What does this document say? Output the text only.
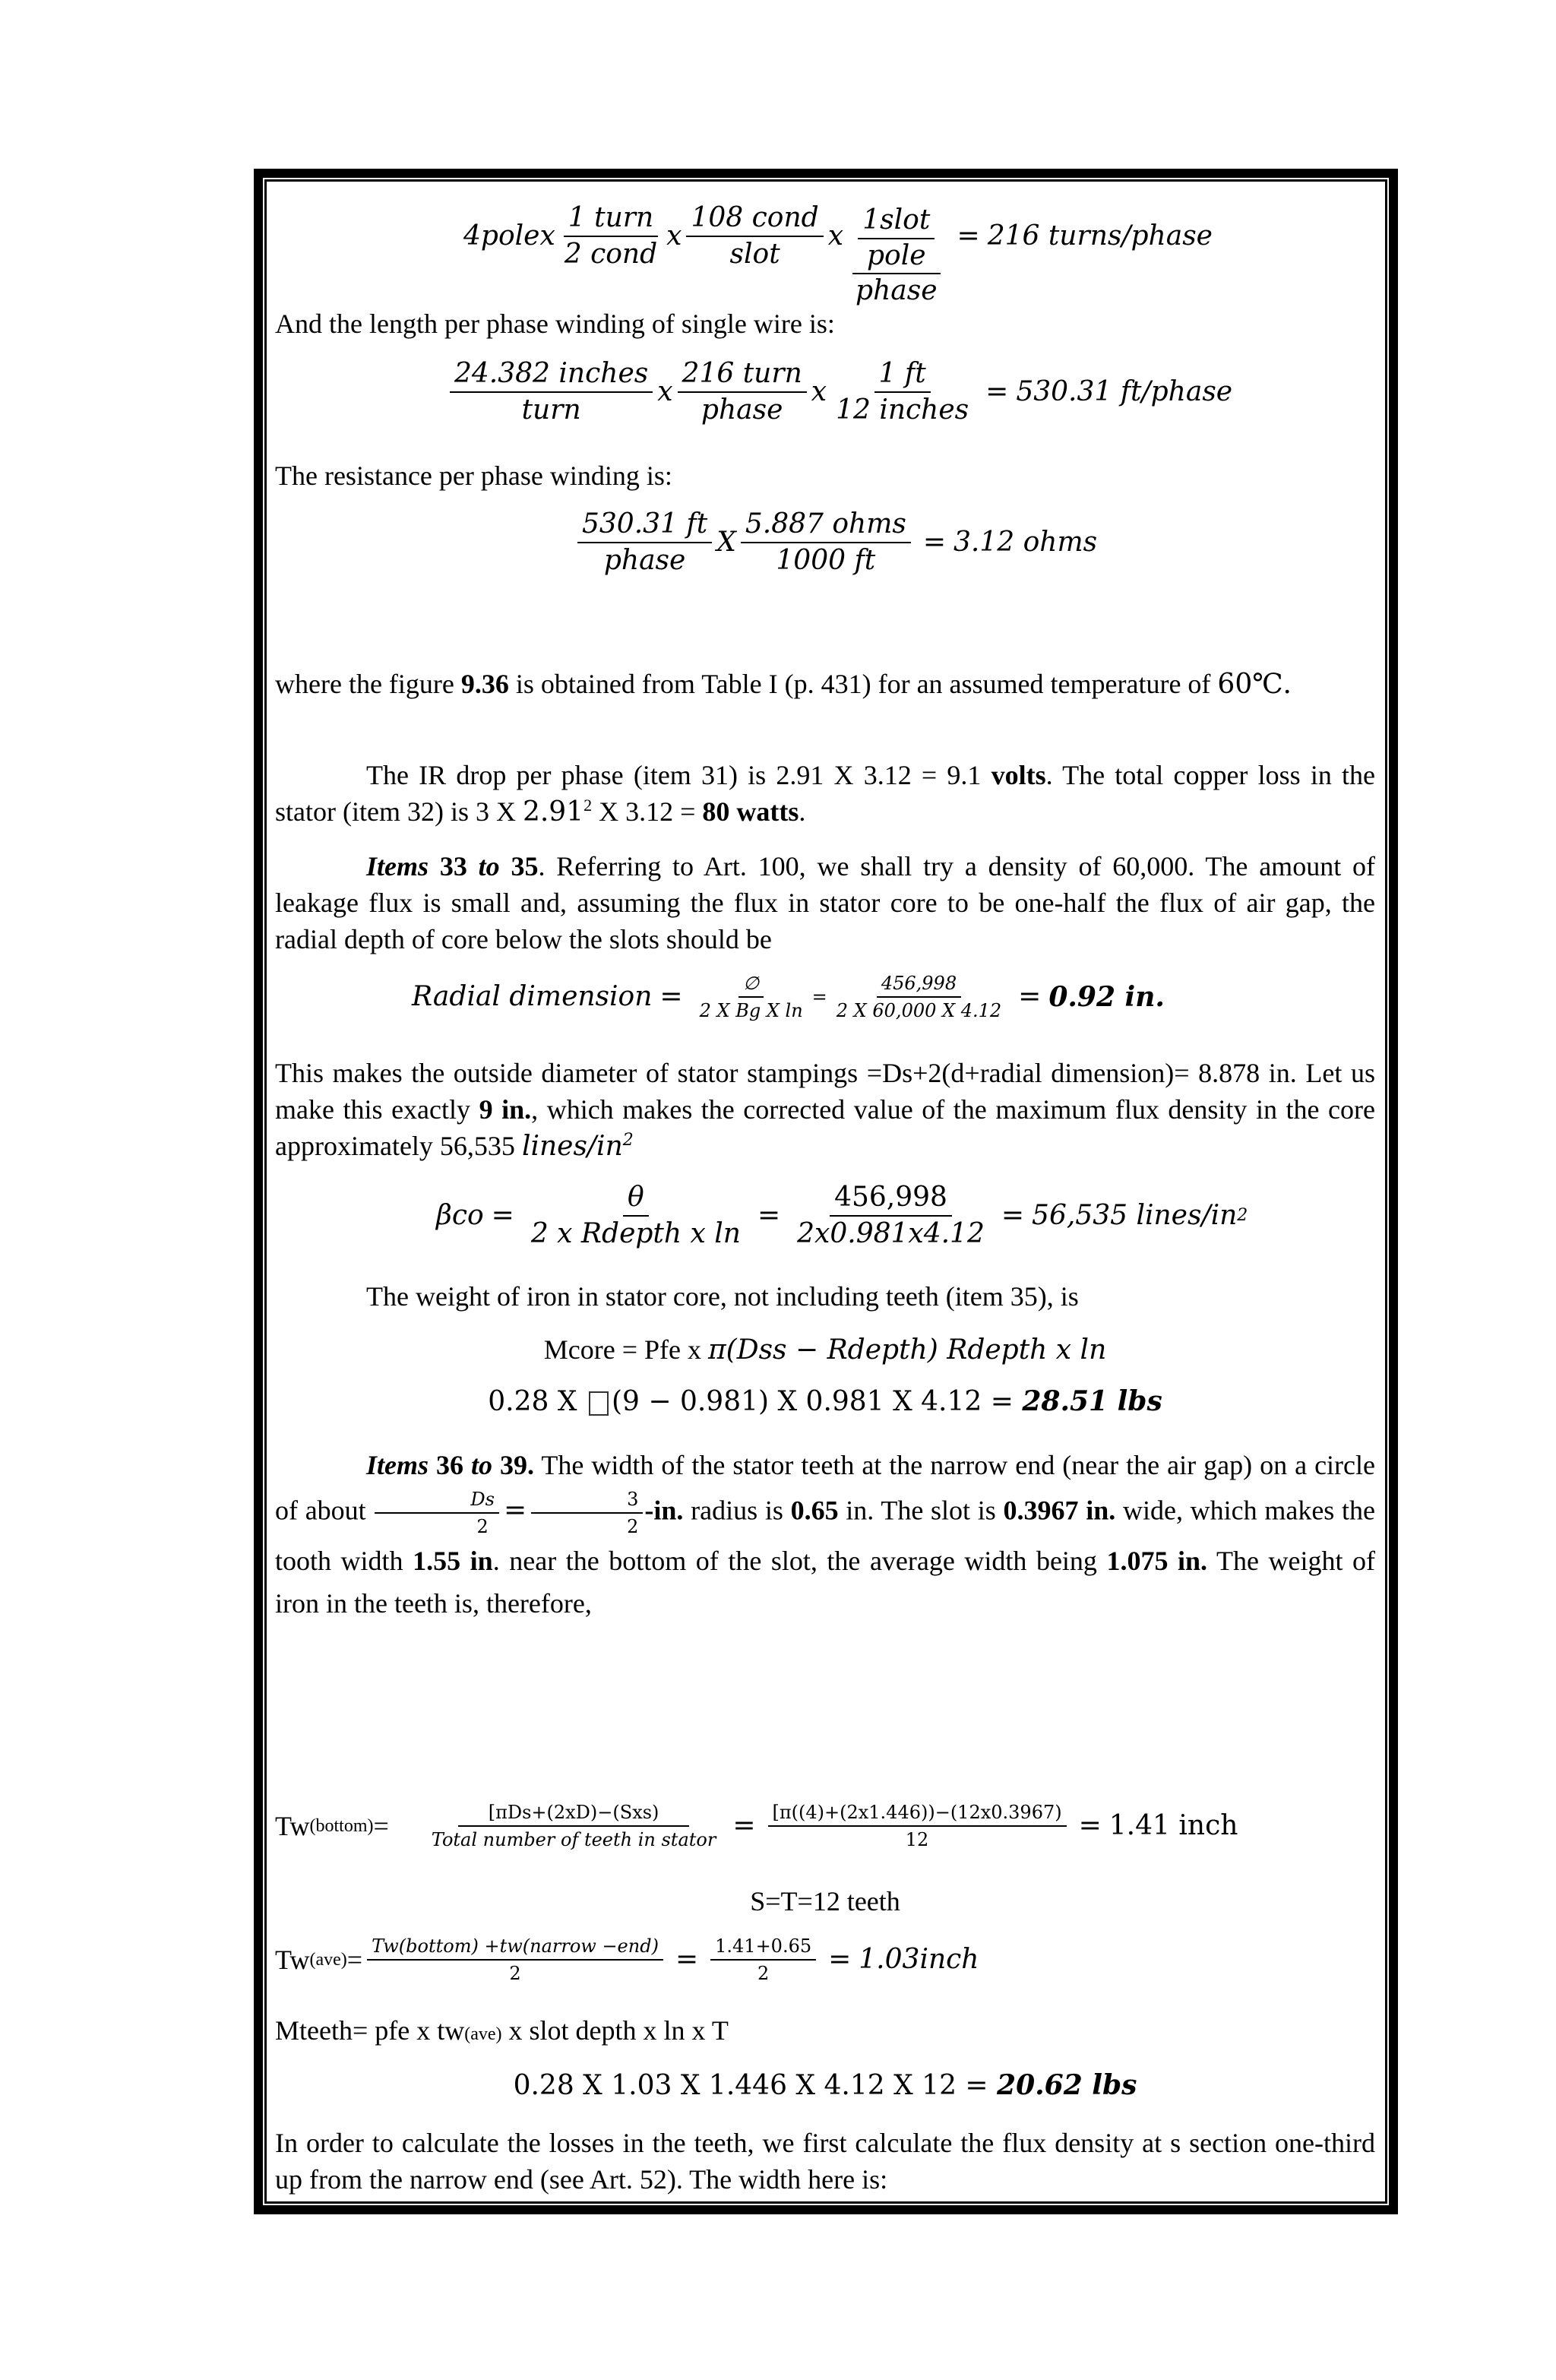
4polex $\frac{\text{1 turn}}{\text{2 cond}}$ x $\frac{\text{108 cond}}{\text{slot}}$ x 1slot
pole
phase = 216 turns/phase
And the length per phase winding of single wire is:
$\frac{\text{24.382 inches}}{\text{turn}}$ x $\frac{\text{216 turn}}{\text{phase}}$ x $\frac{1 ft}{\text{12 inches}} = 530.31$ ft/phase
The resistance per phase winding is:
$\frac{530.31 ft}{\text{phase}}$ X $\frac{\text{5.887 ohms}}{1000 ft} = 3.12$ ohms
where the figure 9.36 is obtained from Table I (p. 431) for an assumed temperature of 60℃.
The IR drop per phase (item 31) is 2.91 X 3.12 = 9.1 volts. The total copper loss in the stator (item 32) is 3 X 2.91$^2$ X 3.12 = 80 watts.
Items 33 to 35. Referring to Art. 100, we shall try a density of 60,000. The amount of leakage flux is small and, assuming the flux in stator core to be one-half the flux of air gap, the radial depth of core below the slots should be
Radial dimension = $\frac{\emptyset}{\text{2 X Bg X ln}} = \frac{456,998}{2 X 60,000 X 4.12} = 0.92$ in.
This makes the outside diameter of stator stampings =Ds+2(d+radial dimension)= 8.878 in. Let us make this exactly 9 in., which makes the corrected value of the maximum flux density in the core approximately 56,535 lines/$in^2$
$\beta co = \frac{\theta}{\text{2 x Rdepth x ln}} = \frac{456,998}{2x0.981x4.12} = 56,535$ lines/in 2
The weight of iron in stator core, not including teeth (item 35), is
Mcore = Pfe x π(Dss − Rdepth) Rdepth x ln
0.28 X (9 − 0.981) X 0.981 X 4.12 = 28.51 lbs
Items 36 to 39. The width of the stator teeth at the narrow end (near the air gap) on a circle of about $\frac{Ds}{2} = \frac{3}{2} -in$. radius is 0.65 in. The slot is 0.3967 in. wide, which makes the tooth width 1.55 in. near the bottom of the slot, the average width being 1.075 in. The weight of iron in the teeth is, therefore,
Tw (bottom) = $\frac{\text{[πDs+(2xD)−(Sxs)}}{\text{Total number of teeth in stator}} = \frac{[\pi((4)+(2x1.446))-(12x0.3967)}{12} = 1.41$ inch
S=T=12 teeth
Tw $(ave) = \frac{\text{Tw(bottom) +tw(narrow −end)}}{2} = \frac{1.41+0.65}{2}$ = 1.03inch
Mteeth= pfe x tw(ave) x slot depth x ln x T
0.28 X 1.03 X 1.446 X 4.12 X 12 = 20.62 lbs
In order to calculate the losses in the teeth, we first calculate the flux density at s section one-third up from the narrow end (see Art. 52). The width here is:
